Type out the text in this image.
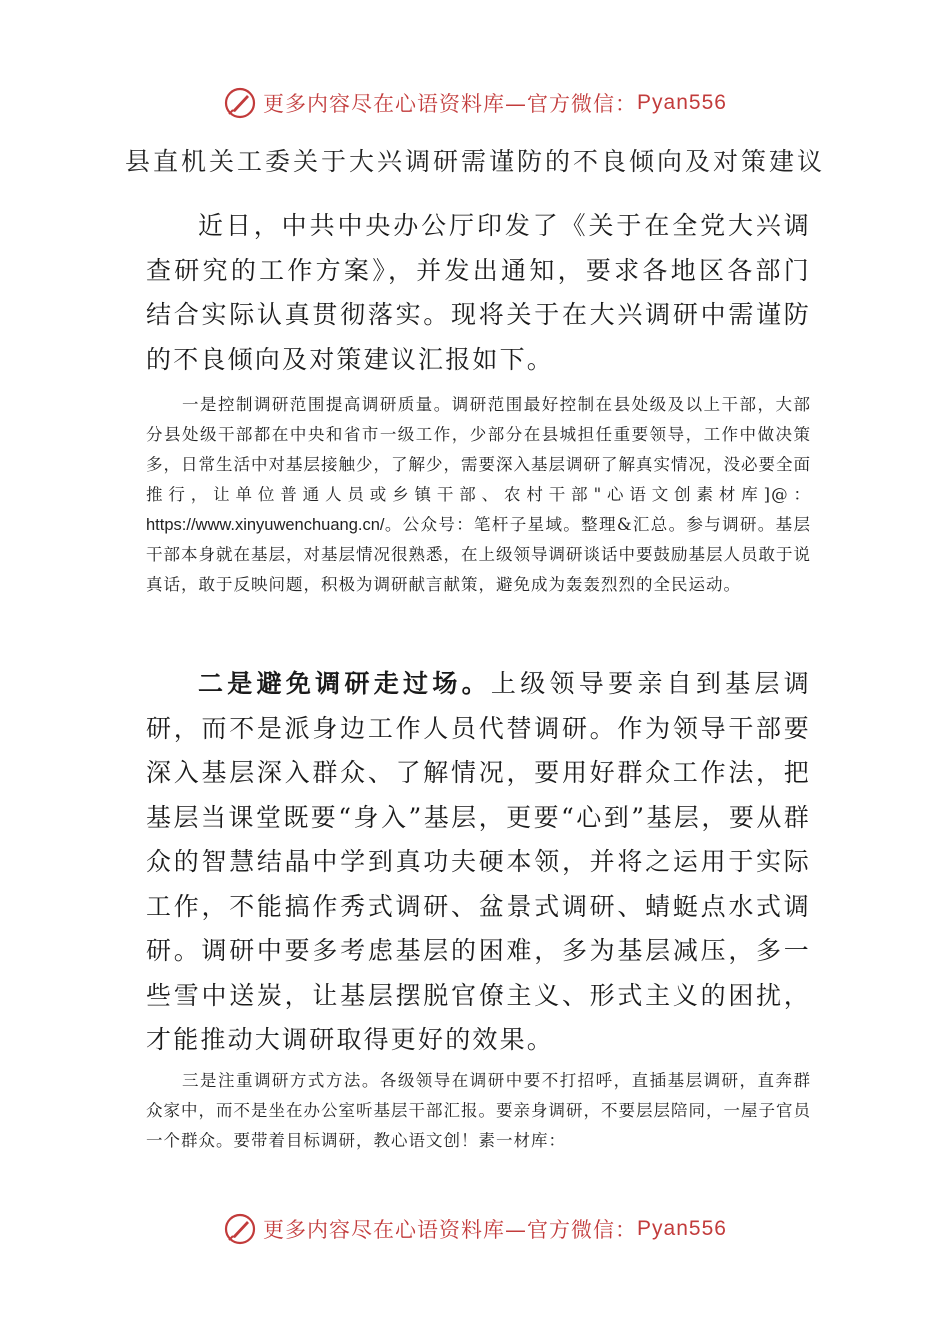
更多内容尽在心语资料库—官方微信： Pyan556
县直机关工委关于大兴调研需谨防的不良倾向及对策建议

近日，中共中央办公厅印发了《关于在全党大兴调查研究的工作方案》，并发出通知，要求各地区各部门结合实际认真贯彻落实。现将关于在大兴调研中需谨防的不良倾向及对策建议汇报如下。

一是控制调研范围提高调研质量。调研范围最好控制在县处级及以上干部，大部分县处级干部都在中央和省市一级工作，少部分在县城担任重要领导，工作中做决策多，日常生活中对基层接触少，了解少，需要深入基层调研了解真实情况，没必要全面推行，让单位普通人员或乡镇干部、农村干部"心语文创素材库]@：https://www.xinyuwenchuang.cn/。公众号：笔杆子星域。整理&汇总。参与调研。基层干部本身就在基层，对基层情况很熟悉，在上级领导调研谈话中要鼓励基层人员敢于说真话，敢于反映问题，积极为调研献言献策，避免成为轰轰烈烈的全民运动。

二是避免调研走过场。上级领导要亲自到基层调研，而不是派身边工作人员代替调研。作为领导干部要深入基层深入群众、了解情况，要用好群众工作法，把基层当课堂既要“身入”基层，更要“心到”基层，要从群众的智慧结晶中学到真功夫硬本领，并将之运用于实际工作，不能搞作秀式调研、盆景式调研、蜻蜓点水式调研。调研中要多考虑基层的困难，多为基层减压，多一些雪中送炭，让基层摆脱官僚主义、形式主义的困扰，才能推动大调研取得更好的效果。

三是注重调研方式方法。各级领导在调研中要不打招呼，直插基层调研，直奔群众家中，而不是坐在办公室听基层干部汇报。要亲身调研，不要层层陪同，一屋子官员一个群众。要带着目标调研，教心语文创！素一材库：

更多内容尽在心语资料库—官方微信： Pyan556
